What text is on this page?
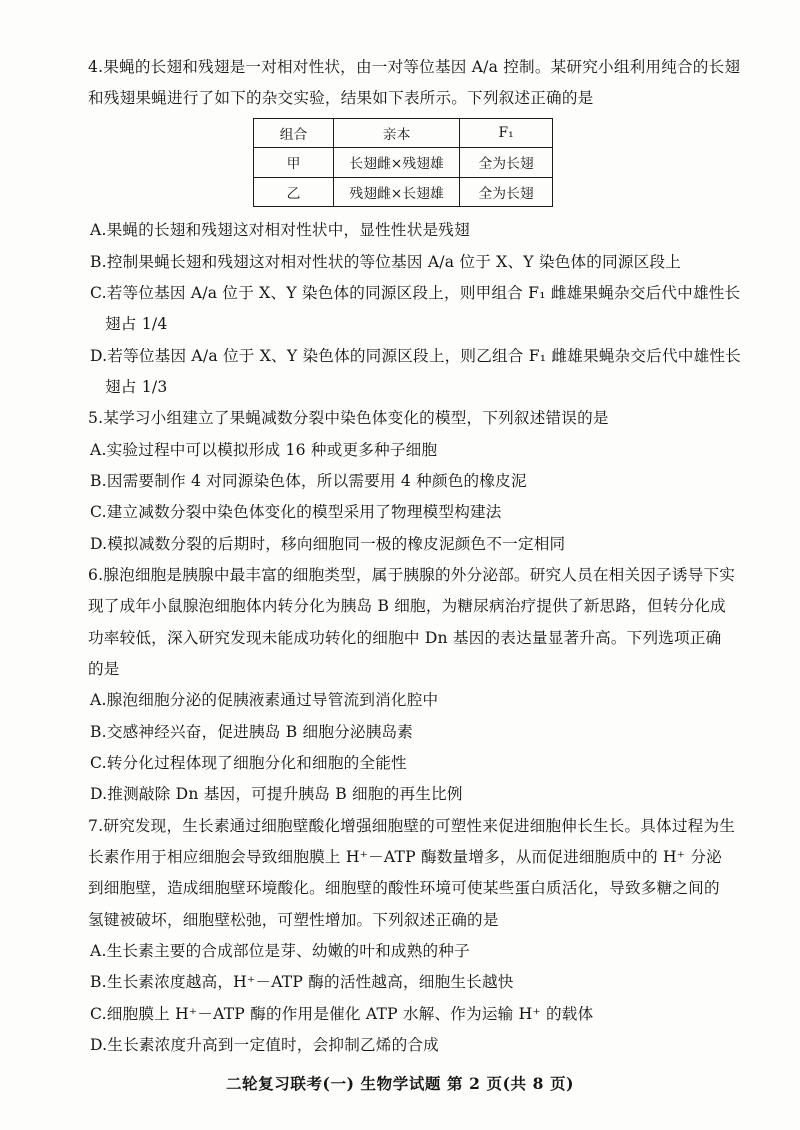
4.果蝇的长翅和残翅是一对相对性状，由一对等位基因 A/a 控制。某研究小组利用纯合的长翅
和残翅果蝇进行了如下的杂交实验，结果如下表所示。下列叙述正确的是
组合	亲本	F₁
甲	长翅雌×残翅雄	全为长翅
乙	残翅雌×长翅雄	全为长翅
A.果蝇的长翅和残翅这对相对性状中，显性性状是残翅
B.控制果蝇长翅和残翅这对相对性状的等位基因 A/a 位于 X、Y 染色体的同源区段上
C.若等位基因 A/a 位于 X、Y 染色体的同源区段上，则甲组合 F₁ 雌雄果蝇杂交后代中雄性长
翅占 1/4
D.若等位基因 A/a 位于 X、Y 染色体的同源区段上，则乙组合 F₁ 雌雄果蝇杂交后代中雄性长
翅占 1/3
5.某学习小组建立了果蝇减数分裂中染色体变化的模型，下列叙述错误的是
A.实验过程中可以模拟形成 16 种或更多种子细胞
B.因需要制作 4 对同源染色体，所以需要用 4 种颜色的橡皮泥
C.建立减数分裂中染色体变化的模型采用了物理模型构建法
D.模拟减数分裂的后期时，移向细胞同一极的橡皮泥颜色不一定相同
6.腺泡细胞是胰腺中最丰富的细胞类型，属于胰腺的外分泌部。研究人员在相关因子诱导下实
现了成年小鼠腺泡细胞体内转分化为胰岛 B 细胞，为糖尿病治疗提供了新思路，但转分化成
功率较低，深入研究发现未能成功转化的细胞中 Dn 基因的表达量显著升高。下列选项正确
的是
A.腺泡细胞分泌的促胰液素通过导管流到消化腔中
B.交感神经兴奋，促进胰岛 B 细胞分泌胰岛素
C.转分化过程体现了细胞分化和细胞的全能性
D.推测敲除 Dn 基因，可提升胰岛 B 细胞的再生比例
7.研究发现，生长素通过细胞壁酸化增强细胞壁的可塑性来促进细胞伸长生长。具体过程为生
长素作用于相应细胞会导致细胞膜上 H⁺－ATP 酶数量增多，从而促进细胞质中的 H⁺ 分泌
到细胞壁，造成细胞壁环境酸化。细胞壁的酸性环境可使某些蛋白质活化，导致多糖之间的
氢键被破坏，细胞壁松弛，可塑性增加。下列叙述正确的是
A.生长素主要的合成部位是芽、幼嫩的叶和成熟的种子
B.生长素浓度越高，H⁺－ATP 酶的活性越高，细胞生长越快
C.细胞膜上 H⁺－ATP 酶的作用是催化 ATP 水解、作为运输 H⁺ 的载体
D.生长素浓度升高到一定值时，会抑制乙烯的合成
二轮复习联考(一) 生物学试题 第 2 页(共 8 页)
